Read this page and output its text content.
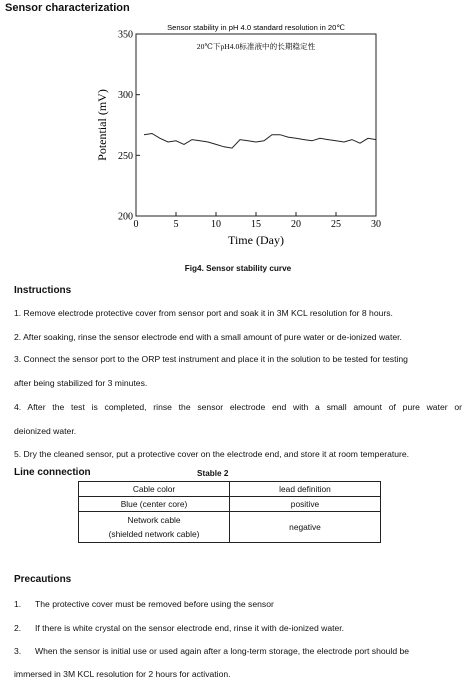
Sensor characterization
Sensor stability in pH 4.0 standard resolution in 20℃
20℃下pH4.0标准液中的长期稳定性
200
250
300
350
0	5	10	15	20	25	30
Time (Day)
Potential (mV)
Fig4. Sensor stability curve
Instructions
1. Remove electrode protective cover from sensor port and soak it in 3M KCL resolution for 8 hours.
2. After soaking, rinse the sensor electrode end with a small amount of pure water or de-ionized water.
3. Connect the sensor port to the ORP test instrument and place it in the solution to be tested for testing
after being stabilized for 3 minutes.
4. After the test is completed, rinse the sensor electrode end with a small amount of pure water or
deionized water.
5. Dry the cleaned sensor, put a protective cover on the electrode end, and store it at room temperature.
Line connection	Stable 2
Cable color	lead definition
Blue (center core)	positive

Network cable
(shielded network cable)	negative
Precautions
1. The protective cover must be removed before using the sensor
2. If there is white crystal on the sensor electrode end, rinse it with de-ionized water.
3. When the sensor is initial use or used again after a long-term storage, the electrode port should be
immersed in 3M KCL resolution for 2 hours for activation.
